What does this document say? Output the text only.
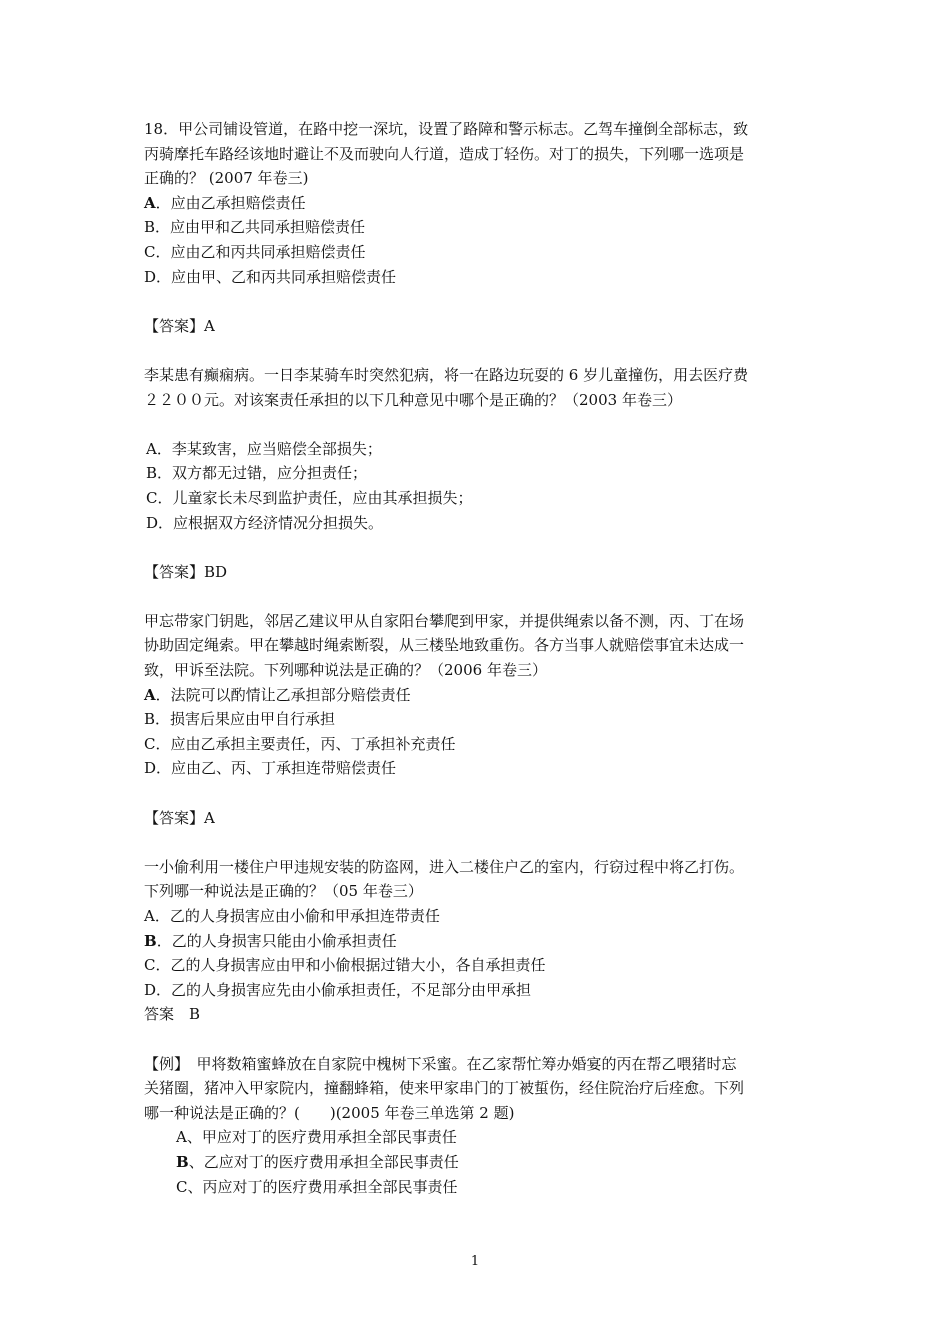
18．甲公司铺设管道，在路中挖一深坑，设置了路障和警示标志。乙驾车撞倒全部标志，致
丙骑摩托车路经该地时避让不及而驶向人行道，造成丁轻伤。对丁的损失，下列哪一选项是
正确的？ (2007 年卷三)
A．应由乙承担赔偿责任
B．应由甲和乙共同承担赔偿责任
C．应由乙和丙共同承担赔偿责任
D．应由甲、乙和丙共同承担赔偿责任
【答案】A
李某患有癫痫病。一日李某骑车时突然犯病，将一在路边玩耍的 6 岁儿童撞伤，用去医疗费
２２００元。对该案责任承担的以下几种意见中哪个是正确的？（2003 年卷三）
A．李某致害，应当赔偿全部损失；
B．双方都无过错，应分担责任；
C．儿童家长未尽到监护责任，应由其承担损失；
D．应根据双方经济情况分担损失。
【答案】BD
甲忘带家门钥匙，邻居乙建议甲从自家阳台攀爬到甲家，并提供绳索以备不测，丙、丁在场
协助固定绳索。甲在攀越时绳索断裂，从三楼坠地致重伤。各方当事人就赔偿事宜未达成一
致，甲诉至法院。下列哪种说法是正确的？（2006 年卷三）
A．法院可以酌情让乙承担部分赔偿责任
B．损害后果应由甲自行承担
C．应由乙承担主要责任，丙、丁承担补充责任
D．应由乙、丙、丁承担连带赔偿责任
【答案】A
一小偷利用一楼住户甲违规安装的防盗网，进入二楼住户乙的室内，行窃过程中将乙打伤。
下列哪一种说法是正确的？（05 年卷三）
A．乙的人身损害应由小偷和甲承担连带责任
B．乙的人身损害只能由小偷承担责任
C．乙的人身损害应由甲和小偷根据过错大小，各自承担责任
D．乙的人身损害应先由小偷承担责任，不足部分由甲承担
答案　B
【例】　甲将数箱蜜蜂放在自家院中槐树下采蜜。在乙家帮忙筹办婚宴的丙在帮乙喂猪时忘
关猪圈，猪冲入甲家院内，撞翻蜂箱，使来甲家串门的丁被蜇伤，经住院治疗后痊愈。下列
哪一种说法是正确的？(　　)(2005 年卷三单选第 2 题)
A、甲应对丁的医疗费用承担全部民事责任
B、乙应对丁的医疗费用承担全部民事责任
C、丙应对丁的医疗费用承担全部民事责任
1
